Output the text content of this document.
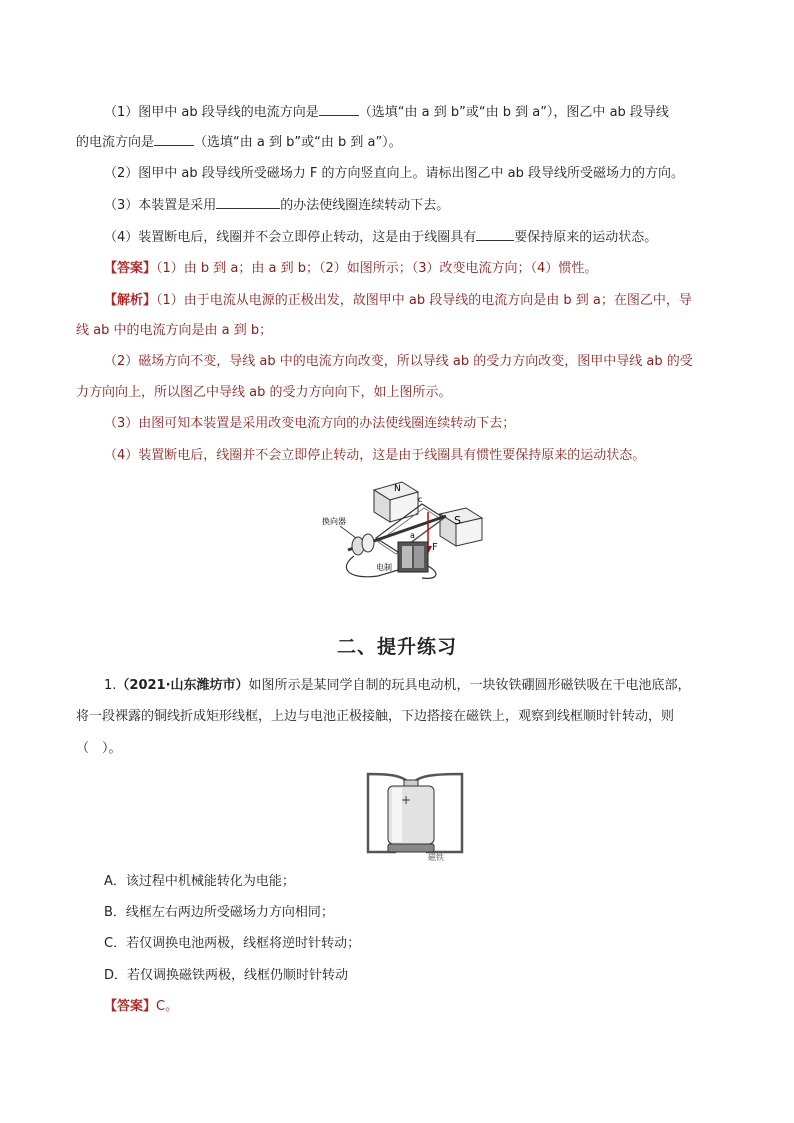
（1）图甲中 ab 段导线的电流方向是	（选填“由 a 到 b”或“由 b 到 a”），图乙中 ab 段导线
的电流方向是	（选填“由 a 到 b”或“由 b 到 a”）。
（2）图甲中 ab 段导线所受磁场力 F 的方向竖直向上。请标出图乙中 ab 段导线所受磁场力的方向。
（3）本装置是采用	的办法使线圈连续转动下去。
（4）装置断电后，线圈并不会立即停止转动，这是由于线圈具有	要保持原来的运动状态。
【答案】（1）由 b 到 a；由 a 到 b；（2）如图所示；（3）改变电流方向；（4）惯性。
【解析】（1）由于电流从电源的正极出发，故图甲中 ab 段导线的电流方向是由 b 到 a；在图乙中，导
线 ab 中的电流方向是由 a 到 b；
（2）磁场方向不变，导线 ab 中的电流方向改变，所以导线 ab 的受力方向改变，图甲中导线 ab 的受
力方向向上，所以图乙中导线 ab 的受力方向向下，如上图所示。
（3）由图可知本装置是采用改变电流方向的办法使线圈连续转动下去；
（4）装置断电后，线圈并不会立即停止转动，这是由于线圈具有惯性要保持原来的运动状态。
N
S
c
a
F
换向器
电制
二、提升练习
1.（2021·山东潍坊市）如图所示是某同学自制的玩具电动机，一块钕铁硼圆形磁铁吸在干电池底部，
将一段裸露的铜线折成矩形线框，上边与电池正极接触，下边搭接在磁铁上，观察到线框顺时针转动，则
（　）。
+
磁铁
A．该过程中机械能转化为电能；
B．线框左右两边所受磁场力方向相同；
C．若仅调换电池两极，线框将逆时针转动；
D．若仅调换磁铁两极，线框仍顺时针转动
【答案】C。
